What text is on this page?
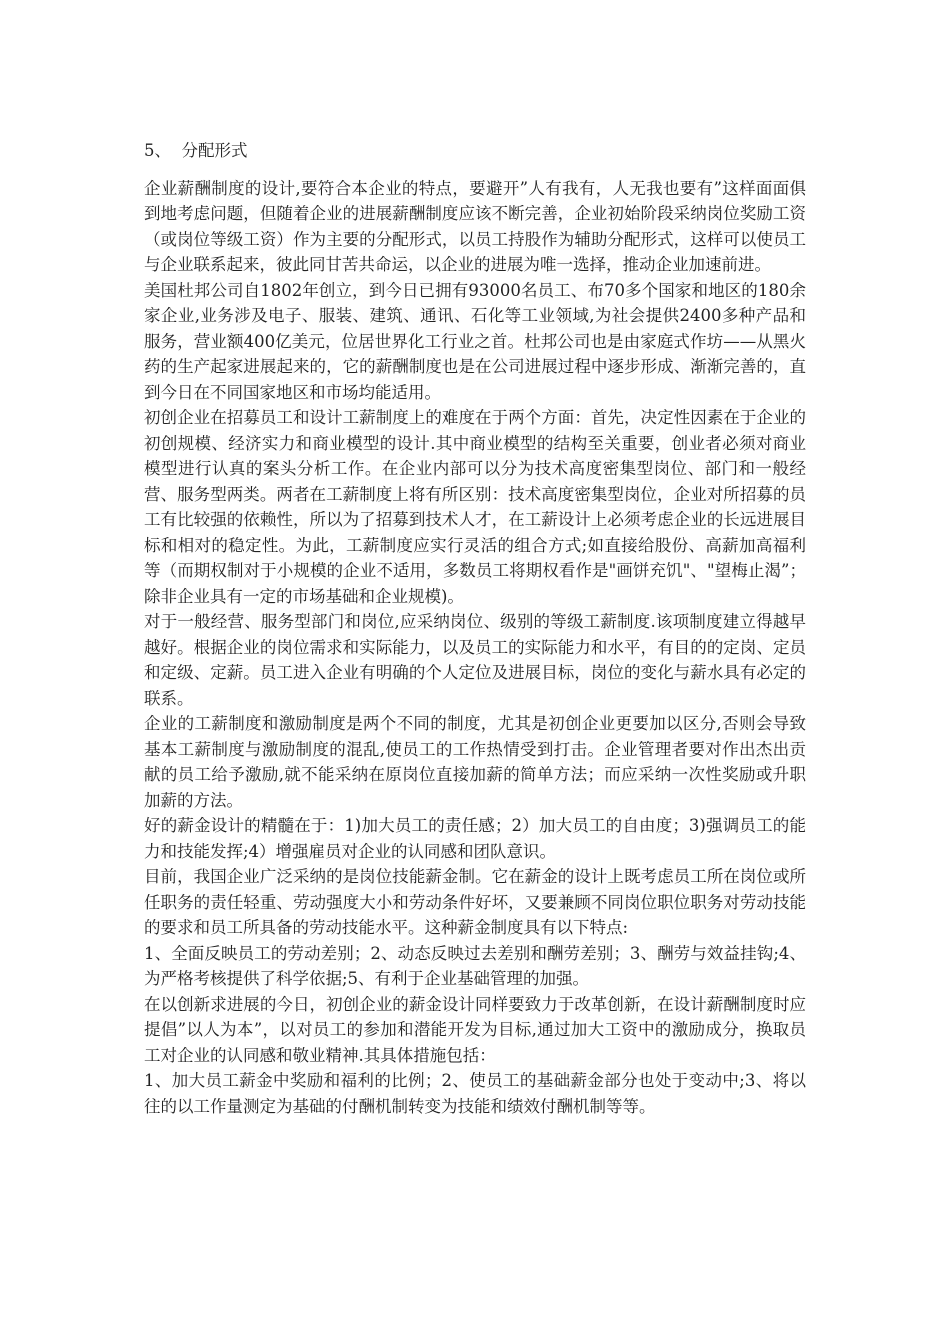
5、  分配形式

企业薪酬制度的设计,要符合本企业的特点，要避开”人有我有，人无我也要有”这样面面俱到地考虑问题，但随着企业的进展薪酬制度应该不断完善，企业初始阶段采纳岗位奖励工资（或岗位等级工资）作为主要的分配形式，以员工持股作为辅助分配形式，这样可以使员工与企业联系起来，彼此同甘苦共命运，以企业的进展为唯一选择，推动企业加速前进。

美国杜邦公司自1802年创立，到今日已拥有93000名员工、布70多个国家和地区的180余家企业,业务涉及电子、服装、建筑、通讯、石化等工业领域,为社会提供2400多种产品和服务，营业额400亿美元，位居世界化工行业之首。杜邦公司也是由家庭式作坊——从黑火药的生产起家进展起来的，它的薪酬制度也是在公司进展过程中逐步形成、渐渐完善的，直到今日在不同国家地区和市场均能适用。

初创企业在招募员工和设计工薪制度上的难度在于两个方面：首先，决定性因素在于企业的初创规模、经济实力和商业模型的设计.其中商业模型的结构至关重要，创业者必须对商业模型进行认真的案头分析工作。在企业内部可以分为技术高度密集型岗位、部门和一般经营、服务型两类。两者在工薪制度上将有所区别：技术高度密集型岗位，企业对所招募的员工有比较强的依赖性，所以为了招募到技术人才，在工薪设计上必须考虑企业的长远进展目标和相对的稳定性。为此，工薪制度应实行灵活的组合方式;如直接给股份、高薪加高福利等（而期权制对于小规模的企业不适用，多数员工将期权看作是"画饼充饥"、"望梅止渴”；除非企业具有一定的市场基础和企业规模)。

对于一般经营、服务型部门和岗位,应采纳岗位、级别的等级工薪制度.该项制度建立得越早越好。根据企业的岗位需求和实际能力，以及员工的实际能力和水平，有目的的定岗、定员和定级、定薪。员工进入企业有明确的个人定位及进展目标，岗位的变化与薪水具有必定的联系。

企业的工薪制度和激励制度是两个不同的制度，尤其是初创企业更要加以区分,否则会导致基本工薪制度与激励制度的混乱,使员工的工作热情受到打击。企业管理者要对作出杰出贡献的员工给予激励,就不能采纳在原岗位直接加薪的简单方法；而应采纳一次性奖励或升职加薪的方法。

好的薪金设计的精髓在于：1)加大员工的责任感；2）加大员工的自由度；3)强调员工的能力和技能发挥;4）增强雇员对企业的认同感和团队意识。

目前，我国企业广泛采纳的是岗位技能薪金制。它在薪金的设计上既考虑员工所在岗位或所任职务的责任轻重、劳动强度大小和劳动条件好坏，又要兼顾不同岗位职位职务对劳动技能的要求和员工所具备的劳动技能水平。这种薪金制度具有以下特点:

1、全面反映员工的劳动差别；2、动态反映过去差别和酬劳差别；3、酬劳与效益挂钩;4、为严格考核提供了科学依据;5、有利于企业基础管理的加强。

在以创新求进展的今日，初创企业的薪金设计同样要致力于改革创新，在设计薪酬制度时应提倡”以人为本”，以对员工的参加和潜能开发为目标,通过加大工资中的激励成分，换取员工对企业的认同感和敬业精神.其具体措施包括：

1、加大员工薪金中奖励和福利的比例；2、使员工的基础薪金部分也处于变动中;3、将以往的以工作量测定为基础的付酬机制转变为技能和绩效付酬机制等等。
